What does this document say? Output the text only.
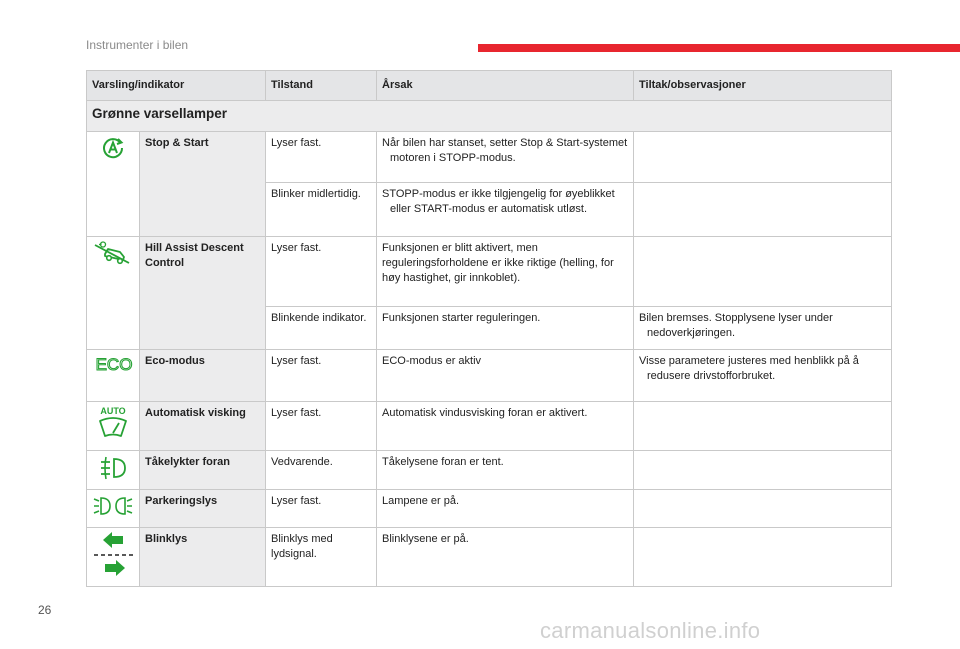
Instrumenter i bilen
Varsling/indikator		Tilstand	Årsak	Tiltak/observasjoner
Grønne varsellamper				
	Stop & Start	Lyser fast.	Når bilen har stanset, setter Stop & Start-systemet motoren i STOPP-modus.	

		Blinker midlertidig.	STOPP-modus er ikke tilgjengelig for øyeblikket eller START-modus er automatisk utløst.	

	Hill Assist Descent Control	Lyser fast.	Funksjonen er blitt aktivert, men reguleringsforholdene er ikke riktige (helling, for høy hastighet, gir innkoblet).	
		Blinkende indikator.	Funksjonen starter reguleringen.	Bilen bremses. Stopplysene lyser under nedoverkjøringen.

ECO	Eco-modus	Lyser fast.	ECO-modus er aktiv	Visse parametere justeres med henblikk på å redusere drivstofforbruket.

AUTO	Automatisk visking	Lyser fast.	Automatisk vindusvisking foran er aktivert.	
	Tåkelykter foran	Vedvarende.	Tåkelysene foran er tent.	
	Parkeringslys	Lyser fast.	Lampene er på.	
	Blinklys	Blinklys med lydsignal.	Blinklysene er på.	
26
carmanualsonline.info
